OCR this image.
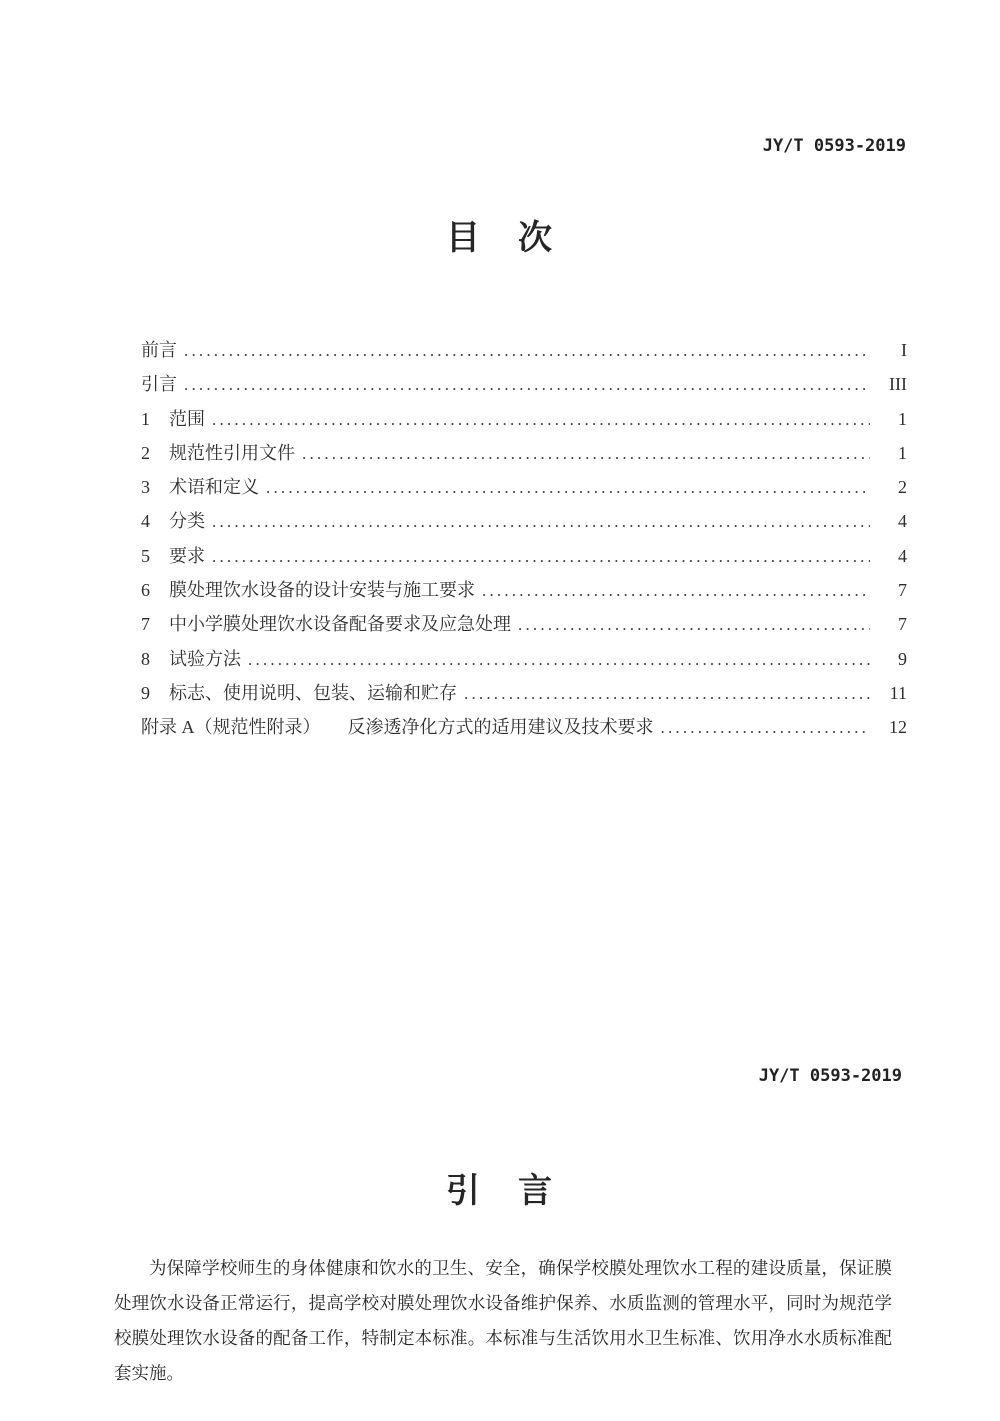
JY/T 0593-2019
目　次
前言 .....	I
引言 .....	III
1 范围 .....	1
2 规范性引用文件 .....	1
3 术语和定义 .....	2
4 分类 .....	4
5 要求 .....	4
6 膜处理饮水设备的设计安装与施工要求 .....	7
7 中小学膜处理饮水设备配备要求及应急处理 .....	7
8 试验方法 .....	9
9 标志、使用说明、包装、运输和贮存 .....	11
附录 A（规范性附录）　　反渗透净化方式的适用建议及技术要求 .....	12
JY/T 0593-2019
引　言
为保障学校师生的身体健康和饮水的卫生、安全，确保学校膜处理饮水工程的建设质量，保证膜处理饮水设备正常运行，提高学校对膜处理饮水设备维护保养、水质监测的管理水平，同时为规范学校膜处理饮水设备的配备工作，特制定本标准。本标准与生活饮用水卫生标准、饮用净水水质标准配套实施。
